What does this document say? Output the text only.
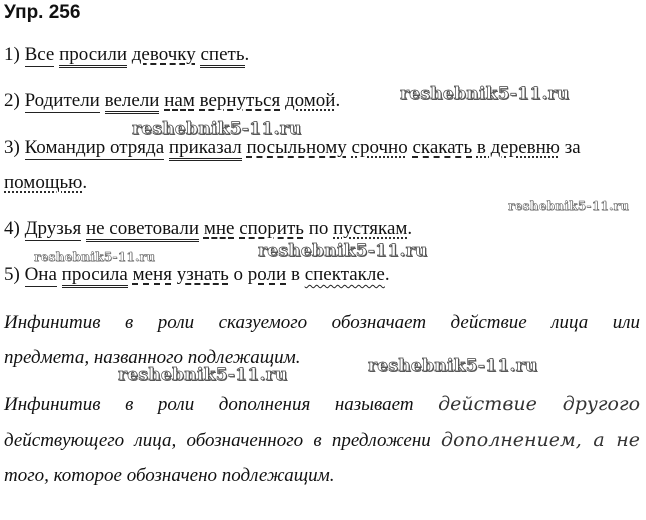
Упр. 256
1) Все просили девочку спеть.
2) Родители велели нам вернуться домой.
3) Командир отряда приказал посыльному срочно скакать в деревню за
помощью.
4) Друзья не советовали мне спорить по пустякам.
5) Она просила меня узнать о роли в спектакле.
Инфинитив в роли сказуемого обозначает действие лица или
предмета, названного подлежащим.
Инфинитив в роли дополнения называет действие другого
действующего лица, обозначенного в предложени дополнением, а не
того, которое обозначено подлежащим.
reshebnik5-11.ru
reshebnik5-11.ru
reshebnik5-11.ru
reshebnik5-11.ru
reshebnik5-11.ru
reshebnik5-11.ru
reshebnik5-11.ru
